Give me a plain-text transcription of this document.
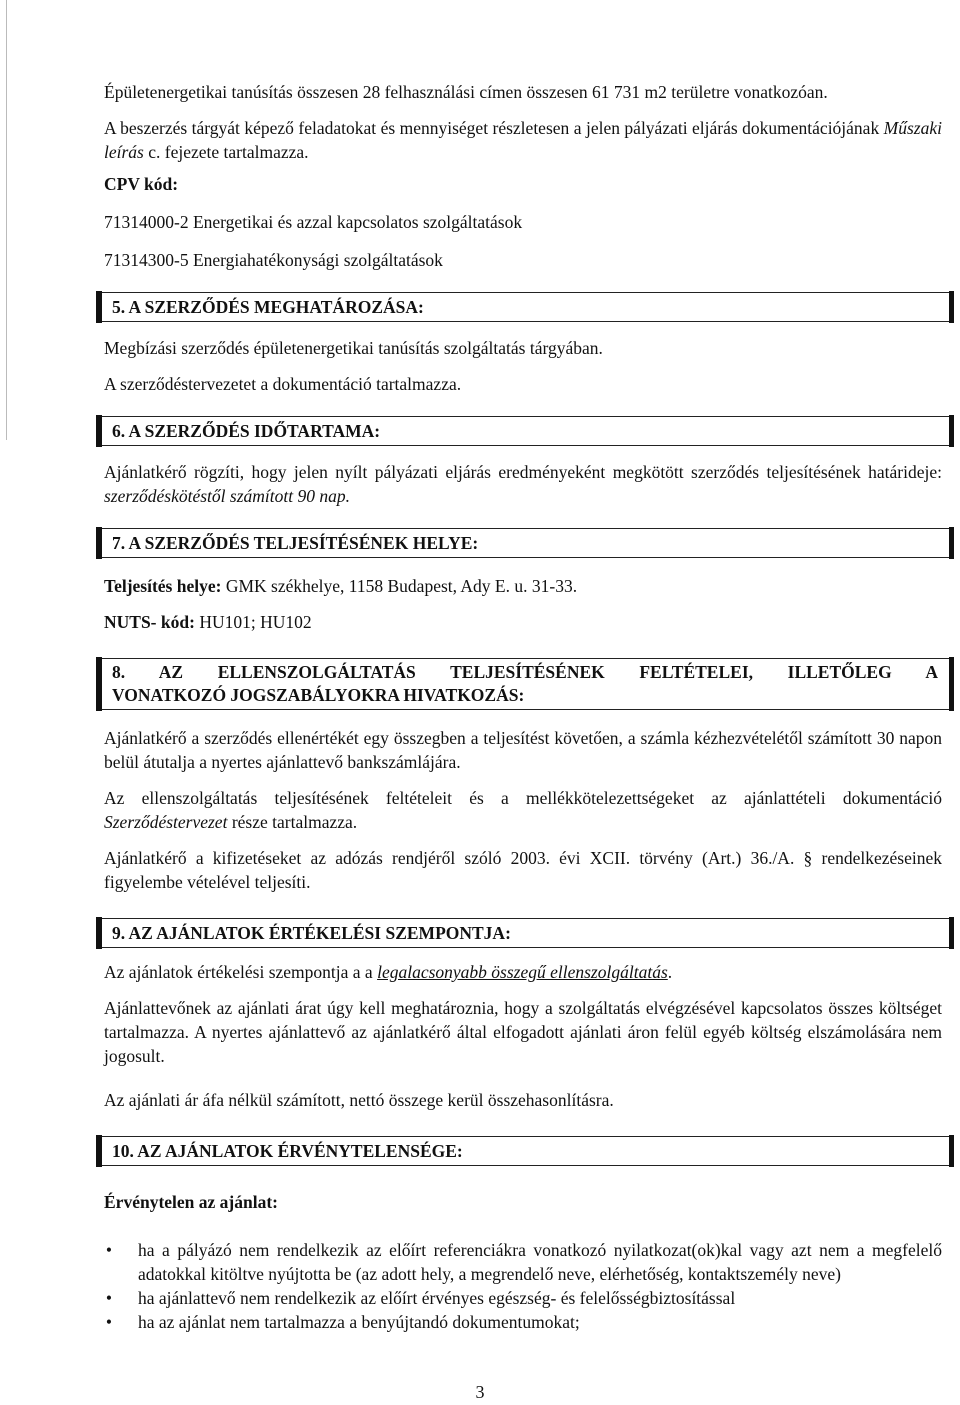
Épületenergetikai tanúsítás összesen 28 felhasználási címen összesen 61 731 m2 területre vonatkozóan.

A beszerzés tárgyát képező feladatokat és mennyiséget részletesen a jelen pályázati eljárás dokumentációjának Műszaki leírás c. fejezete tartalmazza.

CPV kód:

71314000-2 Energetikai és azzal kapcsolatos szolgáltatások
71314300-5 Energiahatékonysági szolgáltatások
5. A SZERZŐDÉS MEGHATÁROZÁSA:

Megbízási szerződés épületenergetikai tanúsítás szolgáltatás tárgyában.

A szerződéstervezetet a dokumentáció tartalmazza.

6. A SZERZŐDÉS IDŐTARTAMA:

Ajánlatkérő rögzíti, hogy jelen nyílt pályázati eljárás eredményeként megkötött szerződés teljesítésének határideje: szerződéskötéstől számított 90 nap.

7. A SZERZŐDÉS TELJESÍTÉSÉNEK HELYE:

Teljesítés helye: GMK székhelye, 1158 Budapest, Ady E. u. 31-33.

NUTS- kód: HU101; HU102

8. AZ ELLENSZOLGÁLTATÁS TELJESÍTÉSÉNEK FELTÉTELEI, ILLETŐLEG A
VONATKOZÓ JOGSZABÁLYOKRA HIVATKOZÁS:

Ajánlatkérő a szerződés ellenértékét egy összegben a teljesítést követően, a számla kézhezvételétől számított 30 napon belül átutalja a nyertes ajánlattevő bankszámlájára.

Az ellenszolgáltatás teljesítésének feltételeit és a mellékkötelezettségeket az ajánlattételi dokumentáció Szerződéstervezet része tartalmazza.

Ajánlatkérő a kifizetéseket az adózás rendjéről szóló 2003. évi XCII. törvény (Art.) 36./A. § rendelkezéseinek figyelembe vételével teljesíti.

9. AZ AJÁNLATOK ÉRTÉKELÉSI SZEMPONTJA:

Az ajánlatok értékelési szempontja a a legalacsonyabb összegű ellenszolgáltatás.

Ajánlattevőnek az ajánlati árat úgy kell meghatároznia, hogy a szolgáltatás elvégzésével kapcsolatos összes költséget tartalmazza. A nyertes ajánlattevő az ajánlatkérő által elfogadott ajánlati áron felül egyéb költség elszámolására nem jogosult.

Az ajánlati ár áfa nélkül számított, nettó összege kerül összehasonlításra.

10. AZ AJÁNLATOK ÉRVÉNYTELENSÉGE:

Érvénytelen az ajánlat:

• ha a pályázó nem rendelkezik az előírt referenciákra vonatkozó nyilatkozat(ok)kal vagy azt nem a megfelelő adatokkal kitöltve nyújtotta be (az adott hely, a megrendelő neve, elérhetőség, kontaktszemély neve)
• ha ajánlattevő nem rendelkezik az előírt érvényes egészség- és felelősségbiztosítással
• ha az ajánlat nem tartalmazza a benyújtandó dokumentumokat;
3
